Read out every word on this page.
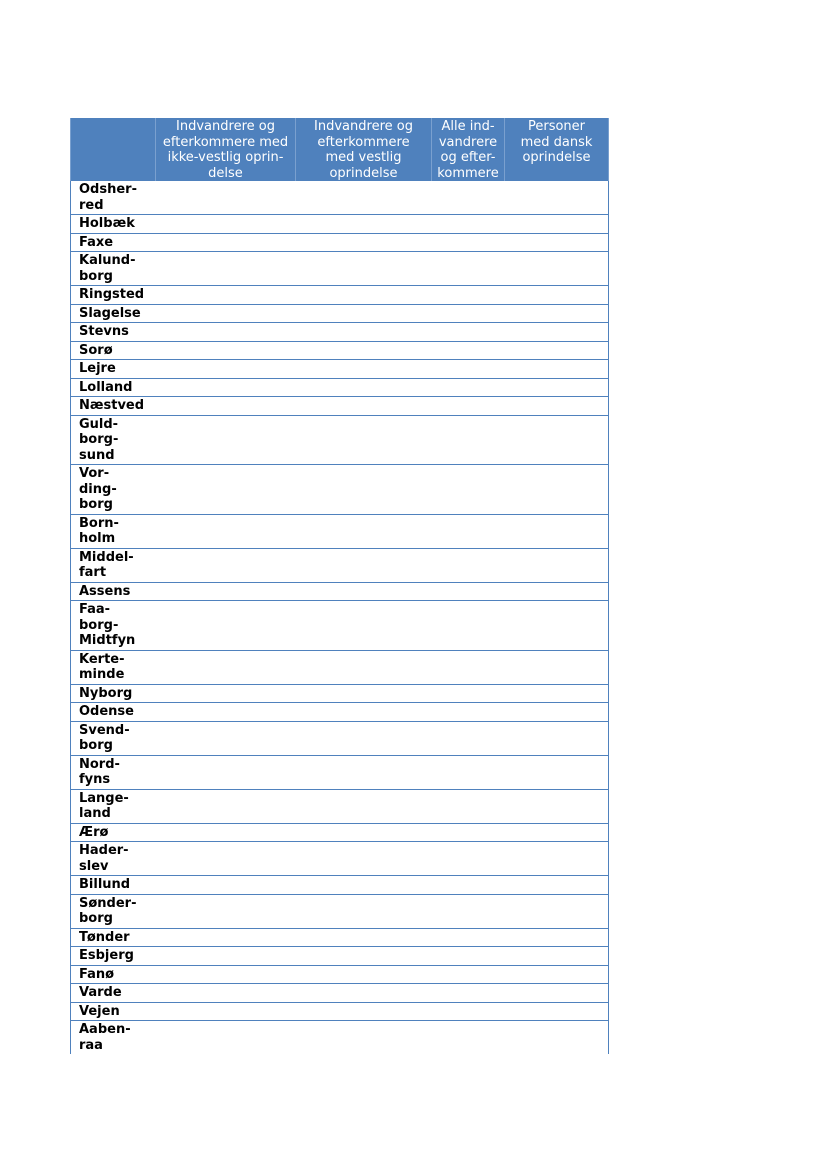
	Indvandrere og
efterkommere med
ikke-vestlig oprin-
delse	Indvandrere og
efterkommere
med vestlig
oprindelse	Alle ind-
vandrere
og efter-
kommere	Personer
med dansk
oprindelse
Odsher-
red				
Holbæk				
Faxe				
Kalund-
borg				
Ringsted				
Slagelse				
Stevns				
Sorø				
Lejre				
Lolland				
Næstved				
Guld-
borg-
sund				
Vor-
ding-
borg				
Born-
holm				
Middel-
fart				
Assens				
Faa-
borg-
Midtfyn				
Kerte-
minde				
Nyborg				
Odense				
Svend-
borg				
Nord-
fyns				
Lange-
land				
Ærø				
Hader-
slev				
Billund				
Sønder-
borg				
Tønder				
Esbjerg				
Fanø				
Varde				
Vejen				
Aaben-
raa				
